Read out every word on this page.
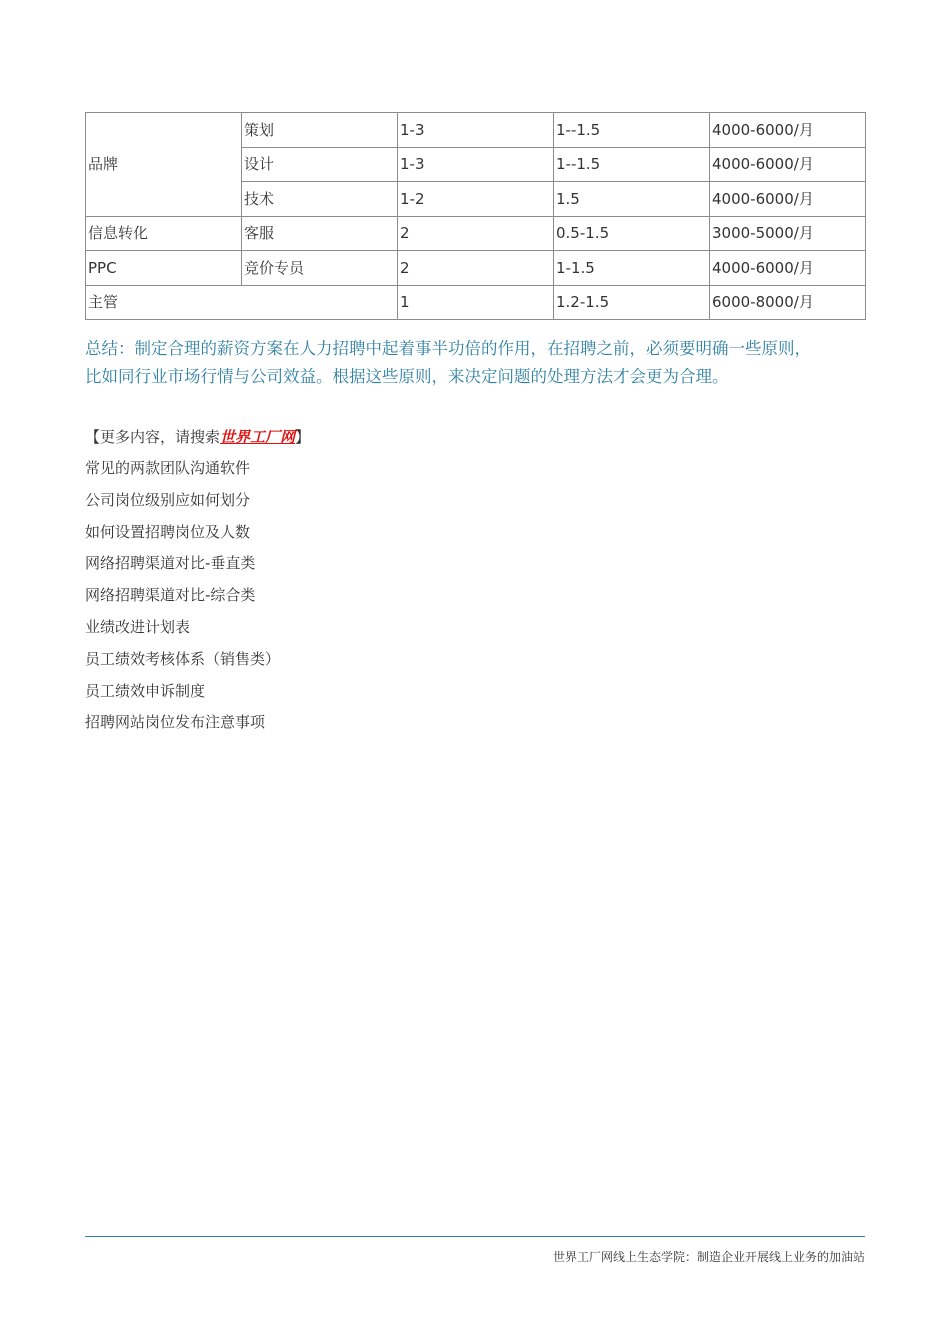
品牌	策划	1-3	1--1.5	4000-6000/月
	设计	1-3	1--1.5	4000-6000/月
	技术	1-2	1.5	4000-6000/月
信息转化	客服	2	0.5-1.5	3000-5000/月
PPC	竞价专员	2	1-1.5	4000-6000/月
主管		1	1.2-1.5	6000-8000/月

总结：制定合理的薪资方案在人力招聘中起着事半功倍的作用，在招聘之前，必须要明确一些原则，
比如同行业市场行情与公司效益。根据这些原则，来决定问题的处理方法才会更为合理。

【更多内容，请搜索世界工厂网】
常见的两款团队沟通软件
公司岗位级别应如何划分
如何设置招聘岗位及人数
网络招聘渠道对比-垂直类
网络招聘渠道对比-综合类
业绩改进计划表
员工绩效考核体系（销售类）
员工绩效申诉制度
招聘网站岗位发布注意事项
世界工厂网线上生态学院：制造企业开展线上业务的加油站
